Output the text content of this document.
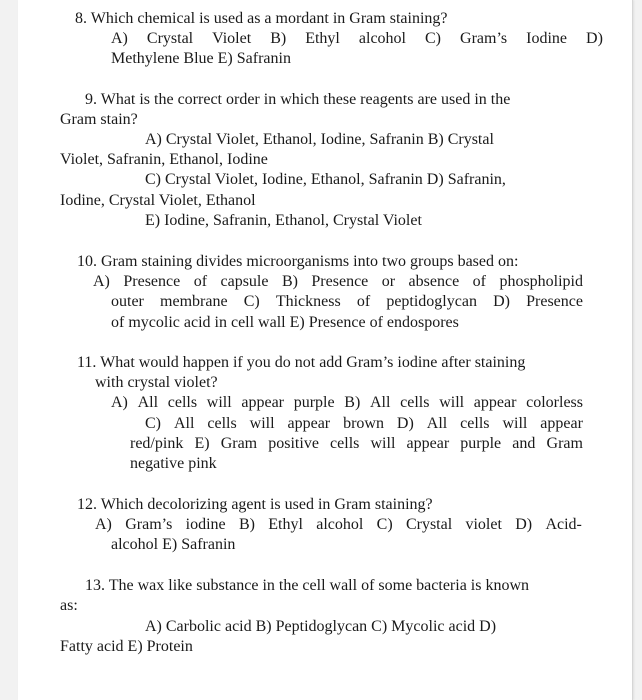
8. Which chemical is used as a mordant in Gram staining?
A) Crystal Violet B) Ethyl alcohol C) Gram’s Iodine D)
Methylene Blue E) Safranin
9. What is the correct order in which these reagents are used in the
Gram stain?
A) Crystal Violet, Ethanol, Iodine, Safranin B) Crystal
Violet, Safranin, Ethanol, Iodine
C) Crystal Violet, Iodine, Ethanol, Safranin D) Safranin,
Iodine, Crystal Violet, Ethanol
E) Iodine, Safranin, Ethanol, Crystal Violet
10. Gram staining divides microorganisms into two groups based on:
A) Presence of capsule B) Presence or absence of phospholipid
outer membrane C) Thickness of peptidoglycan D) Presence
of mycolic acid in cell wall E) Presence of endospores
11. What would happen if you do not add Gram’s iodine after staining
with crystal violet?
A) All cells will appear purple B) All cells will appear colorless
C) All cells will appear brown D) All cells will appear
red/pink E) Gram positive cells will appear purple and Gram
negative pink
12. Which decolorizing agent is used in Gram staining?
A) Gram’s iodine B) Ethyl alcohol C) Crystal violet D) Acid-
alcohol E) Safranin
13. The wax like substance in the cell wall of some bacteria is known
as:
A) Carbolic acid B) Peptidoglycan C) Mycolic acid D)
Fatty acid E) Protein
